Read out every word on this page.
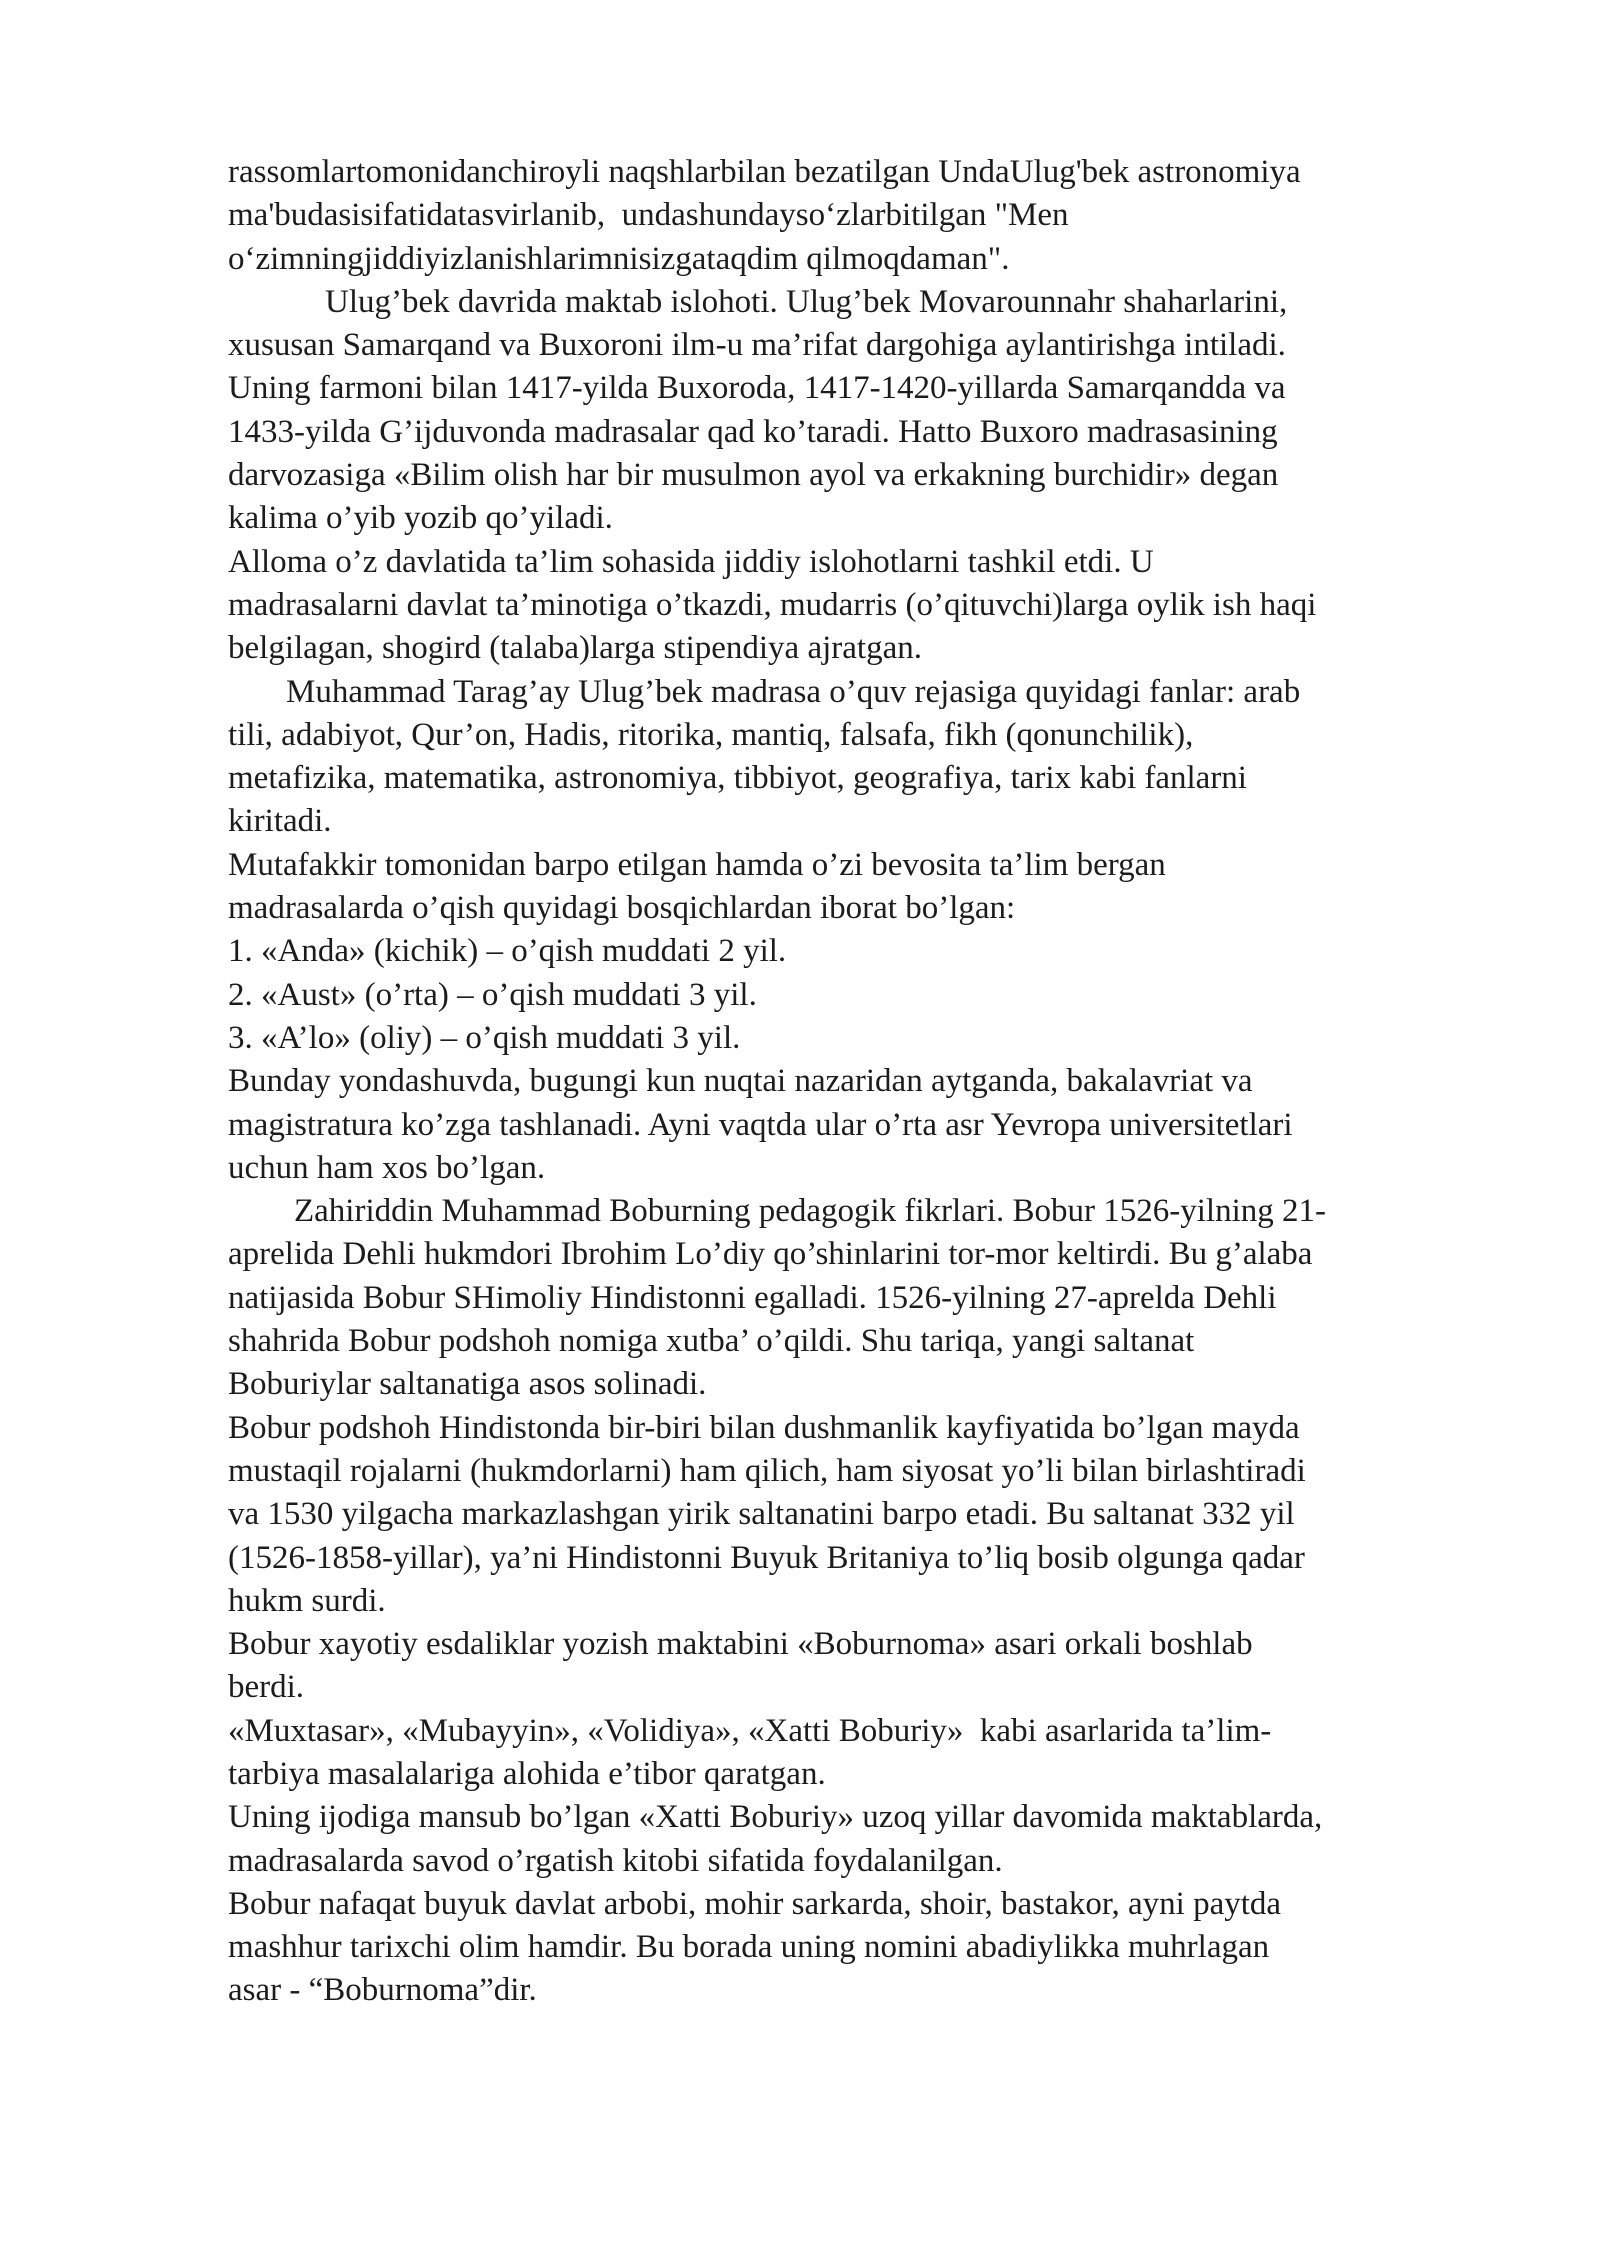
rassomlartomonidanchiroyli naqshlarbilan bezatilgan UndaUlug'bek astronomiya
ma'budasisifatidatasvirlanib,  undashundayso‘zlarbitilgan "Men
o‘zimningjiddiyizlanishlarimnisizgataqdim qilmoqdaman".
Ulug’bek davrida maktab islohoti. Ulug’bek Movarounnahr shaharlarini,
xususan Samarqand va Buxoroni ilm-u ma’rifat dargohiga aylantirishga intiladi.
Uning farmoni bilan 1417-yilda Buxoroda, 1417-1420-yillarda Samarqandda va
1433-yilda G’ijduvonda madrasalar qad ko’taradi. Hatto Buxoro madrasasining
darvozasiga «Bilim olish har bir musulmon ayol va erkakning burchidir» degan
kalima o’yib yozib qo’yiladi.
Alloma o’z davlatida ta’lim sohasida jiddiy islohotlarni tashkil etdi. U
madrasalarni davlat ta’minotiga o’tkazdi, mudarris (o’qituvchi)larga oylik ish haqi
belgilagan, shogird (talaba)larga stipendiya ajratgan.
Muhammad Tarag’ay Ulug’bek madrasa o’quv rejasiga quyidagi fanlar: arab
tili, adabiyot, Qur’on, Hadis, ritorika, mantiq, falsafa, fikh (qonunchilik),
metafizika, matematika, astronomiya, tibbiyot, geografiya, tarix kabi fanlarni
kiritadi.
Mutafakkir tomonidan barpo etilgan hamda o’zi bevosita ta’lim bergan
madrasalarda o’qish quyidagi bosqichlardan iborat bo’lgan:
1. «Anda» (kichik) – o’qish muddati 2 yil.
2. «Aust» (o’rta) – o’qish muddati 3 yil.
3. «A’lo» (oliy) – o’qish muddati 3 yil.
Bunday yondashuvda, bugungi kun nuqtai nazaridan aytganda, bakalavriat va
magistratura ko’zga tashlanadi. Ayni vaqtda ular o’rta asr Yevropa universitetlari
uchun ham xos bo’lgan.
Zahiriddin Muhammad Boburning pedagogik fikrlari. Bobur 1526-yilning 21-
aprelida Dehli hukmdori Ibrohim Lo’diy qo’shinlarini tor-mor keltirdi. Bu g’alaba
natijasida Bobur SHimoliy Hindistonni egalladi. 1526-yilning 27-aprelda Dehli
shahrida Bobur podshoh nomiga xutba’ o’qildi. Shu tariqa, yangi saltanat
Boburiylar saltanatiga asos solinadi.
Bobur podshoh Hindistonda bir-biri bilan dushmanlik kayfiyatida bo’lgan mayda
mustaqil rojalarni (hukmdorlarni) ham qilich, ham siyosat yo’li bilan birlashtiradi
va 1530 yilgacha markazlashgan yirik saltanatini barpo etadi. Bu saltanat 332 yil
(1526-1858-yillar), ya’ni Hindistonni Buyuk Britaniya to’liq bosib olgunga qadar
hukm surdi.
Bobur xayotiy esdaliklar yozish maktabini «Boburnoma» asari orkali boshlab
berdi.
«Muxtasar», «Mubayyin», «Volidiya», «Xatti Boburiy»  kabi asarlarida ta’lim-
tarbiya masalalariga alohida e’tibor qaratgan.
Uning ijodiga mansub bo’lgan «Xatti Boburiy» uzoq yillar davomida maktablarda,
madrasalarda savod o’rgatish kitobi sifatida foydalanilgan.
Bobur nafaqat buyuk davlat arbobi, mohir sarkarda, shoir, bastakor, ayni paytda
mashhur tarixchi olim hamdir. Bu borada uning nomini abadiylikka muhrlagan
asar - “Boburnoma”dir.
